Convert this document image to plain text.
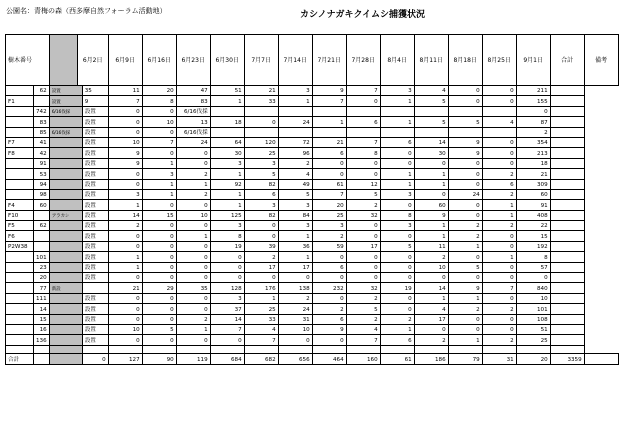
公園名：青梅の森（西多摩自然フォーラム活動地）	カシノナガキクイムシ捕獲状況
樹木番号			6月2日		6月9日	6月16日	6月23日	6月30日	7月7日	7月14日	7月21日	7月28日	8月4日	8月11日	8月18日	8月25日	9月1日	合計	備考
	62	設置		35	11	20	47	51	21	3	9	7	3	4	0	0	211		
F1		設置		9	7	8	83	1	33	1	7	0	1	5	0	0	155		
	742	6/16伐採		設置	0	0	6/16伐採										0		
	83			設置	0	10	13	18	0	24	1	6	1	5	5	4	87		
	85	6/16伐採		設置	0	0	6/16伐採										2		
F7	41			設置	10	7	24	64	120	72	21	7	6	14	9	0	354		
F8	42			設置	9	0	0	30	25	96	6	8	0	30	9	0	213		
	91			設置	9	1	0	3	3	2	0	0	0	0	0	0	18		
	53			設置	0	3	2	1	5	4	0	0	1	1	0	2	21		
	94			設置	0	1	1	92	82	49	61	12	1	1	0	6	309		
	98			設置	3	1	2	1	6	5	7	5	3	0	24	2	60		
F4	60			設置	1	0	0	1	3	3	20	2	0	60	0	1	91		
F10		アラカシ		設置	14	15	10	125	82	84	25	32	8	9	0	1	408		
F5	62			設置	2	0	0	3	0	3	3	0	3	1	2	2	22		
F6				設置	0	0	1	8	0	1	2	0	0	1	2	0	15		
P2W38				設置	0	0	0	19	39	36	59	17	5	11	1	0	192		
	101			設置	1	0	0	0	2	1	0	0	0	2	0	1	8		
	23			設置	1	0	0	0	17	17	6	0	0	10	5	0	57		
	20			設置	0	0	0	0	0	0	0	0	0	0	0	0	0		
	77	新設			21	29	35	128	176	138	232	32	19	14	9	7	840		
	111			設置	0	0	0	3	1	2	0	2	0	1	1	0	10		
	14			設置	0	0	0	37	25	24	2	5	0	4	2	2	101		
	15			設置	0	0	2	14	33	31	6	2	2	17	0	0	108		
	16			設置	10	5	1	7	4	10	9	4	1	0	0	0	51		
	136			設置	0	0	0	0	7	0	0	7	6	2	1	2	25		

合計				0	127	90	119	684	682	656	464	160	61	186	79	31	20	3359	
